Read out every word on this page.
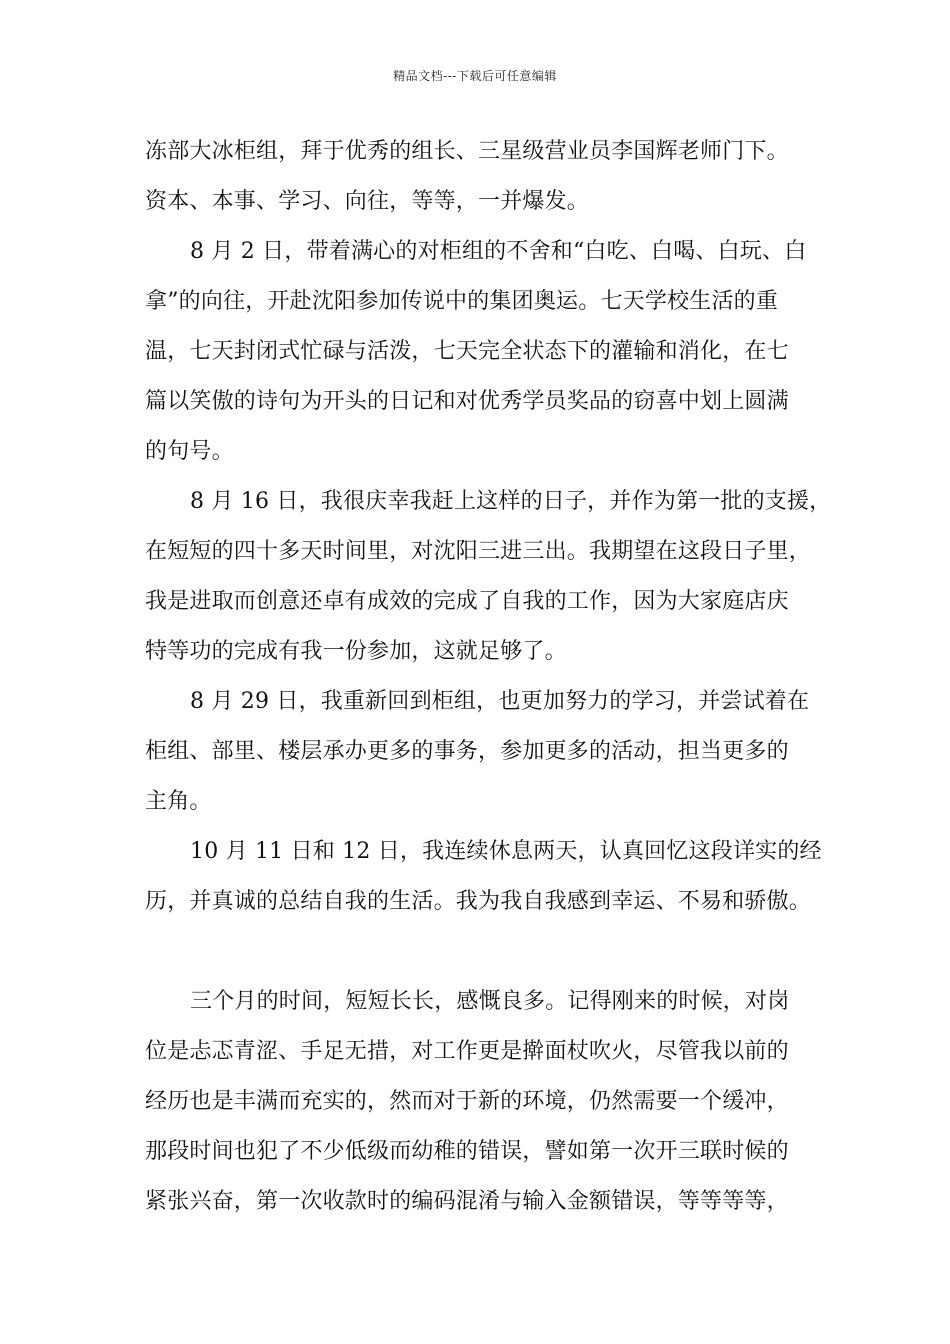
精品文档---下载后可任意编辑
冻部大冰柜组，拜于优秀的组长、三星级营业员李国辉老师门下。
资本、本事、学习、向往，等等，一并爆发。
8 月 2 日，带着满心的对柜组的不舍和“白吃、白喝、白玩、白
拿”的向往，开赴沈阳参加传说中的集团奥运。七天学校生活的重
温，七天封闭式忙碌与活泼，七天完全状态下的灌输和消化，在七
篇以笑傲的诗句为开头的日记和对优秀学员奖品的窃喜中划上圆满
的句号。
8 月 16 日，我很庆幸我赶上这样的日子，并作为第一批的支援，
在短短的四十多天时间里，对沈阳三进三出。我期望在这段日子里，
我是进取而创意还卓有成效的完成了自我的工作，因为大家庭店庆
特等功的完成有我一份参加，这就足够了。
8 月 29 日，我重新回到柜组，也更加努力的学习，并尝试着在
柜组、部里、楼层承办更多的事务，参加更多的活动，担当更多的
主角。
10 月 11 日和 12 日，我连续休息两天，认真回忆这段详实的经
历，并真诚的总结自我的生活。我为我自我感到幸运、不易和骄傲。
三个月的时间，短短长长，感慨良多。记得刚来的时候，对岗
位是忐忑青涩、手足无措，对工作更是擀面杖吹火，尽管我以前的
经历也是丰满而充实的，然而对于新的环境，仍然需要一个缓冲，
那段时间也犯了不少低级而幼稚的错误，譬如第一次开三联时候的
紧张兴奋，第一次收款时的编码混淆与输入金额错误，等等等等，
